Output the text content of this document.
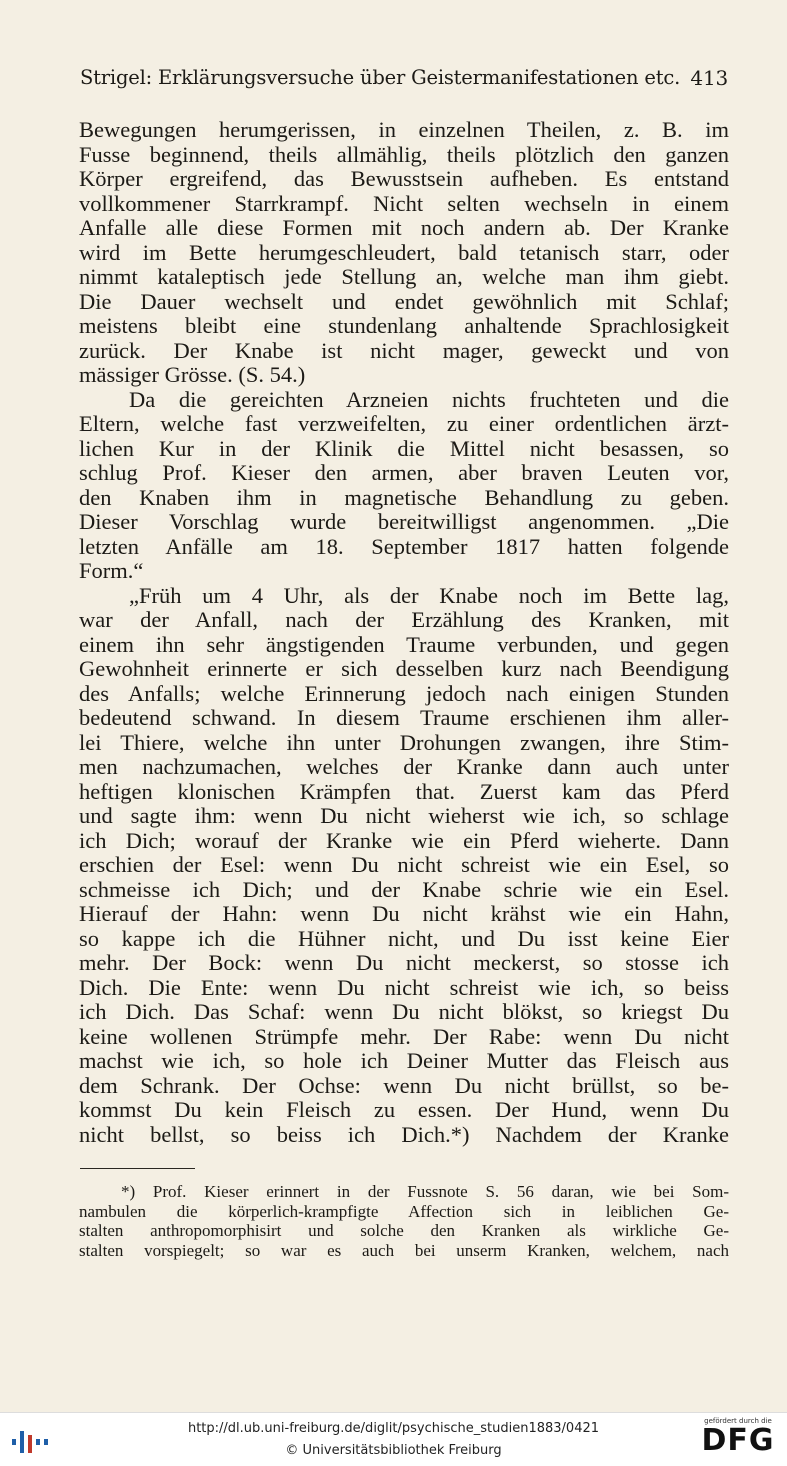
Strigel: Erklärungsversuche über Geistermanifestationen etc. 413
Bewegungen herumgerissen, in einzelnen Theilen, z. B. im
Fusse beginnend, theils allmählig, theils plötzlich den ganzen
Körper ergreifend, das Bewusstsein aufheben. Es entstand
vollkommener Starrkrampf. Nicht selten wechseln in einem
Anfalle alle diese Formen mit noch andern ab. Der Kranke
wird im Bette herumgeschleudert, bald tetanisch starr, oder
nimmt kataleptisch jede Stellung an, welche man ihm giebt.
Die Dauer wechselt und endet gewöhnlich mit Schlaf;
meistens bleibt eine stundenlang anhaltende Sprachlosigkeit
zurück. Der Knabe ist nicht mager, geweckt und von
mässiger Grösse. (S. 54.)
Da die gereichten Arzneien nichts fruchteten und die
Eltern, welche fast verzweifelten, zu einer ordentlichen ärzt-
lichen Kur in der Klinik die Mittel nicht besassen, so
schlug Prof. Kieser den armen, aber braven Leuten vor,
den Knaben ihm in magnetische Behandlung zu geben.
Dieser Vorschlag wurde bereitwilligst angenommen. „Die
letzten Anfälle am 18. September 1817 hatten folgende
Form.“
„Früh um 4 Uhr, als der Knabe noch im Bette lag,
war der Anfall, nach der Erzählung des Kranken, mit
einem ihn sehr ängstigenden Traume verbunden, und gegen
Gewohnheit erinnerte er sich desselben kurz nach Beendigung
des Anfalls; welche Erinnerung jedoch nach einigen Stunden
bedeutend schwand. In diesem Traume erschienen ihm aller-
lei Thiere, welche ihn unter Drohungen zwangen, ihre Stim-
men nachzumachen, welches der Kranke dann auch unter
heftigen klonischen Krämpfen that. Zuerst kam das Pferd
und sagte ihm: wenn Du nicht wieherst wie ich, so schlage
ich Dich; worauf der Kranke wie ein Pferd wieherte. Dann
erschien der Esel: wenn Du nicht schreist wie ein Esel, so
schmeisse ich Dich; und der Knabe schrie wie ein Esel.
Hierauf der Hahn: wenn Du nicht krähst wie ein Hahn,
so kappe ich die Hühner nicht, und Du isst keine Eier
mehr. Der Bock: wenn Du nicht meckerst, so stosse ich
Dich. Die Ente: wenn Du nicht schreist wie ich, so beiss
ich Dich. Das Schaf: wenn Du nicht blökst, so kriegst Du
keine wollenen Strümpfe mehr. Der Rabe: wenn Du nicht
machst wie ich, so hole ich Deiner Mutter das Fleisch aus
dem Schrank. Der Ochse: wenn Du nicht brüllst, so be-
kommst Du kein Fleisch zu essen. Der Hund, wenn Du
nicht bellst, so beiss ich Dich.*) Nachdem der Kranke
*) Prof. Kieser erinnert in der Fussnote S. 56 daran, wie bei Som-
nambulen die körperlich-krampfigte Affection sich in leiblichen Ge-
stalten anthropomorphisirt und solche den Kranken als wirkliche Ge-
stalten vorspiegelt; so war es auch bei unserm Kranken, welchem, nach
http://dl.ub.uni-freiburg.de/diglit/psychische_studien1883/0421
© Universitätsbibliothek Freiburg
gefördert durch die
DFG
